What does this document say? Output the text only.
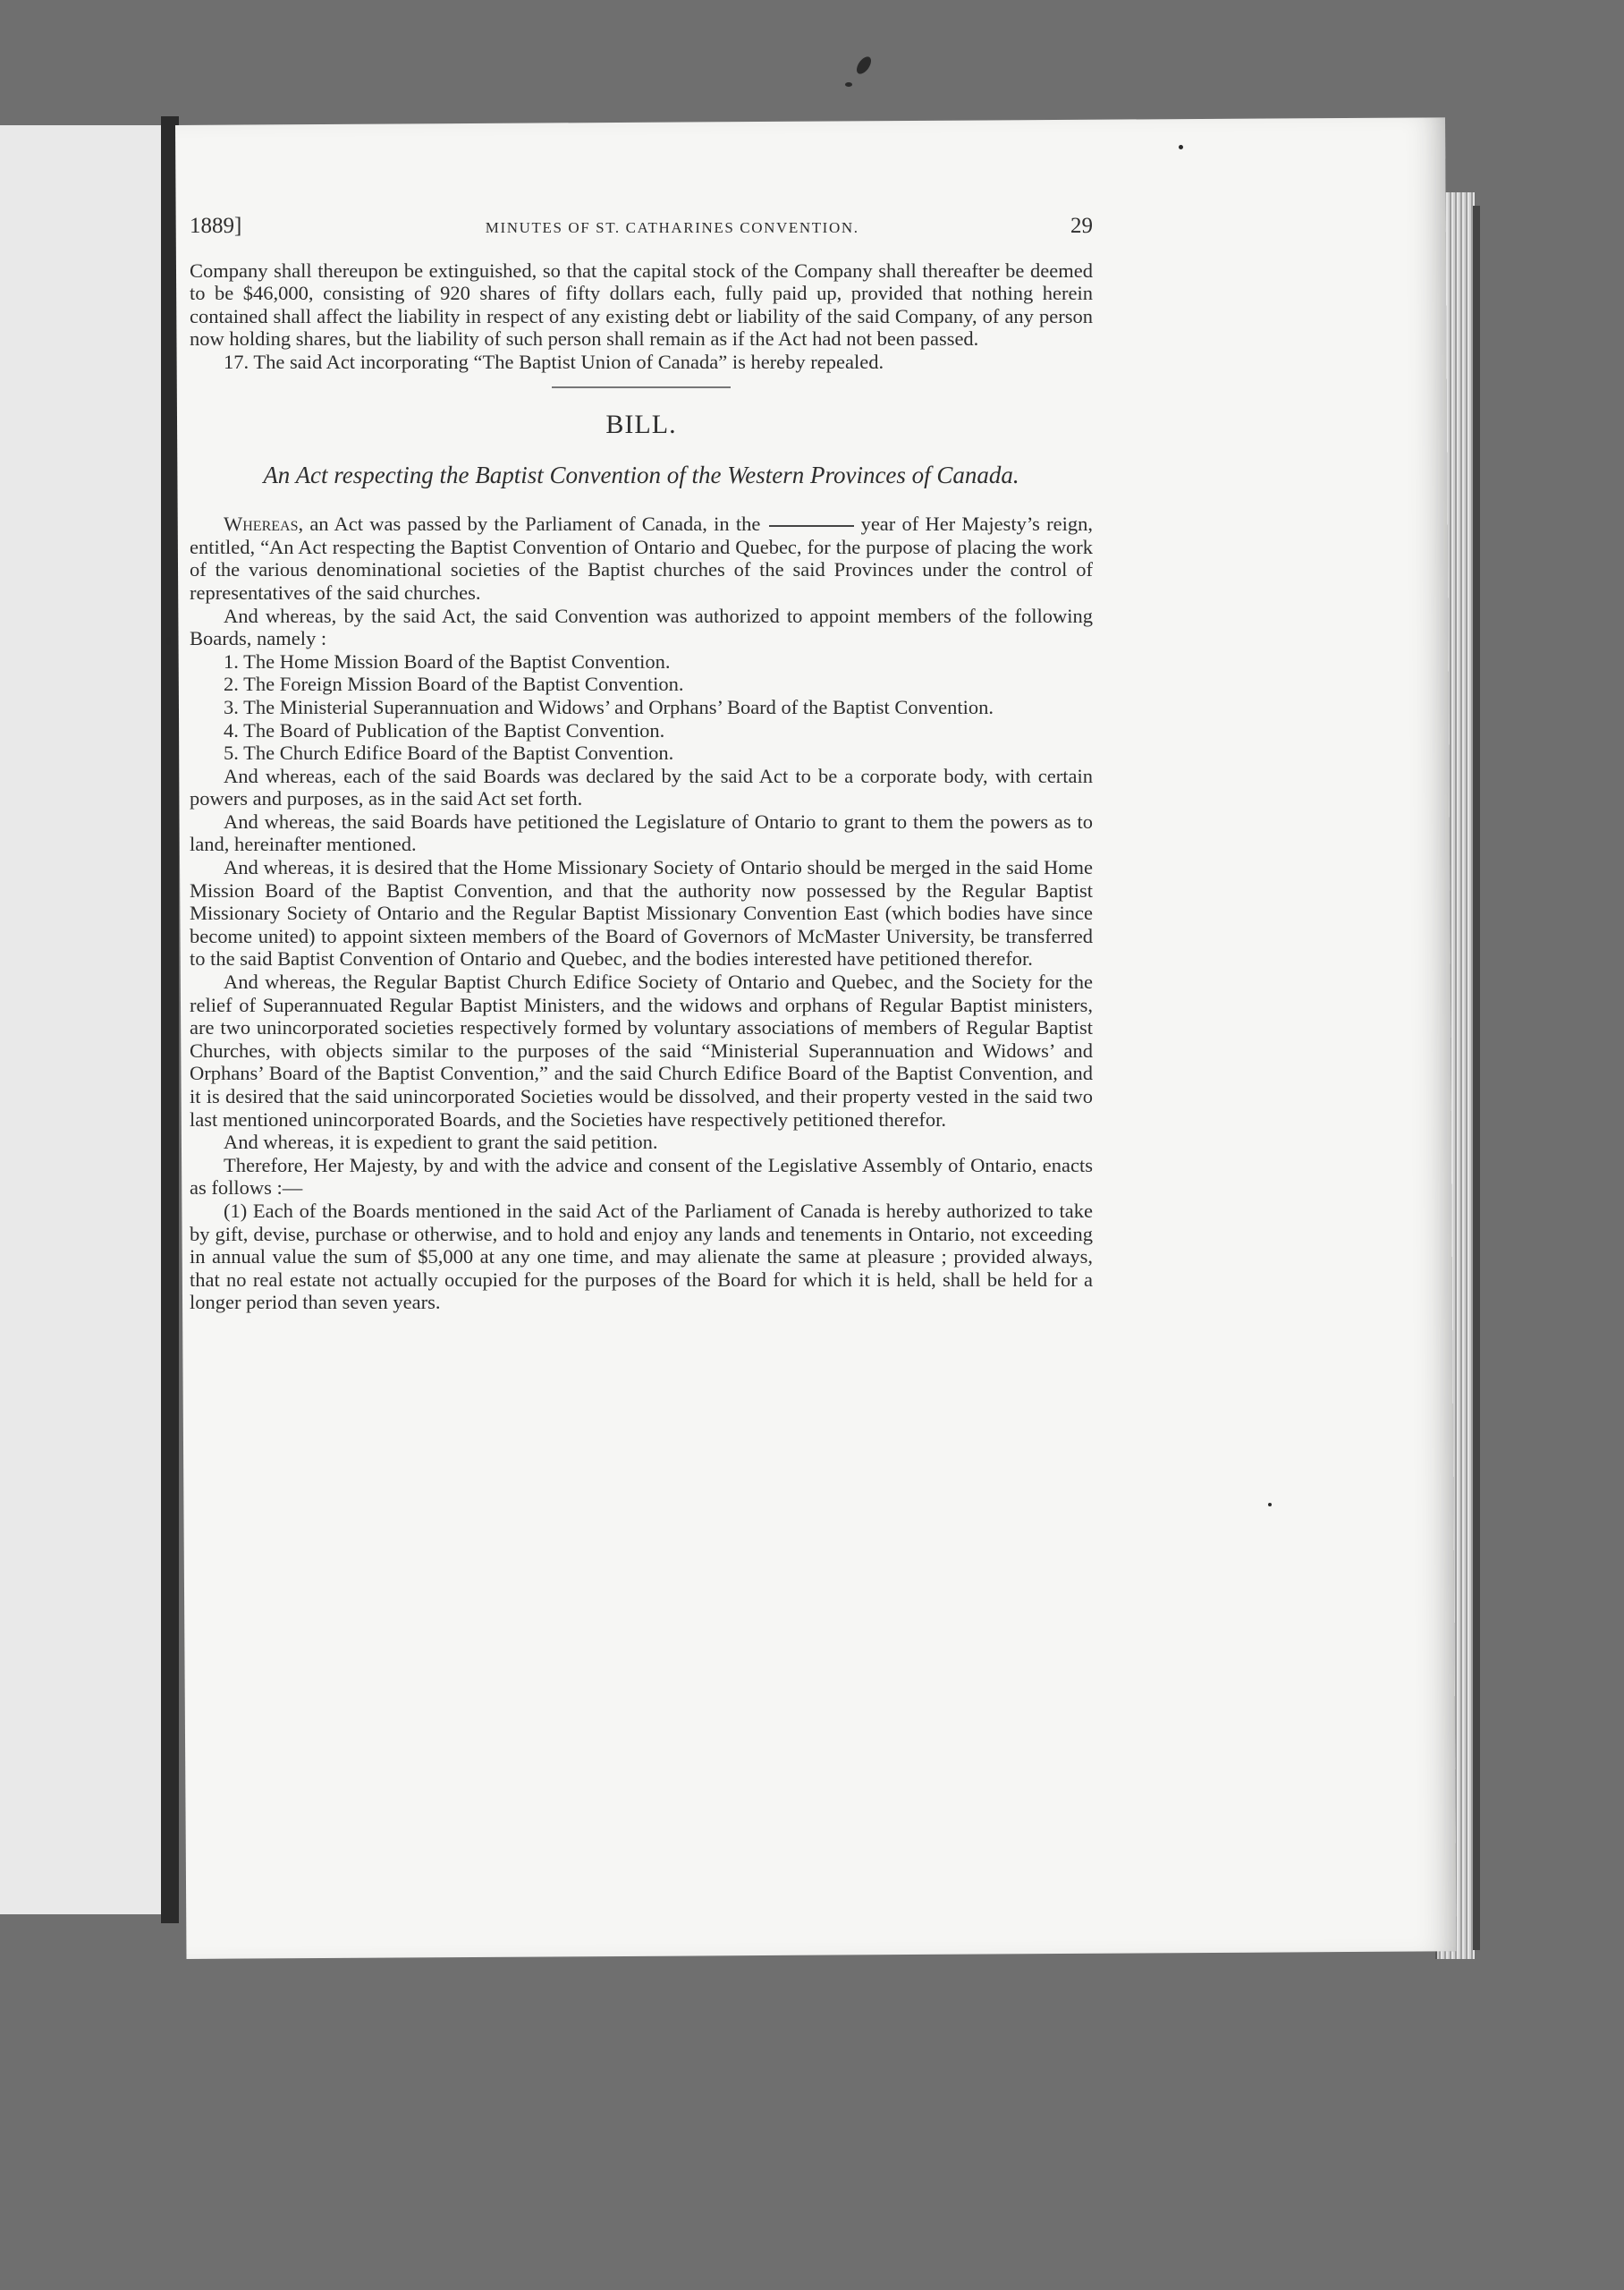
1889]	MINUTES OF ST. CATHARINES CONVENTION.	29

Company shall thereupon be extinguished, so that the capital stock of the Company shall thereafter be deemed to be $46,000, consisting of 920 shares of fifty dollars each, fully paid up, provided that nothing herein contained shall affect the liability in respect of any existing debt or liability of the said Company, of any person now holding shares, but the liability of such person shall remain as if the Act had not been passed.

17. The said Act incorporating “The Baptist Union of Canada” is hereby repealed.

BILL.
An Act respecting the Baptist Convention of the Western Provinces of Canada.

Whereas, an Act was passed by the Parliament of Canada, in the	year of Her Majesty’s reign, entitled, “An Act respecting the Baptist Convention of Ontario and Quebec, for the purpose of placing the work of the various denominational societies of the Baptist churches of the said Provinces under the control of representatives of the said churches.

And whereas, by the said Act, the said Convention was authorized to appoint members of the following Boards, namely :

1. The Home Mission Board of the Baptist Convention.

2. The Foreign Mission Board of the Baptist Convention.

3. The Ministerial Superannuation and Widows’ and Orphans’ Board of the Baptist Convention.

4. The Board of Publication of the Baptist Convention.

5. The Church Edifice Board of the Baptist Convention.

And whereas, each of the said Boards was declared by the said Act to be a corporate body, with certain powers and purposes, as in the said Act set forth.

And whereas, the said Boards have petitioned the Legislature of Ontario to grant to them the powers as to land, hereinafter mentioned.

And whereas, it is desired that the Home Missionary Society of Ontario should be merged in the said Home Mission Board of the Baptist Convention, and that the authority now possessed by the Regular Baptist Missionary Society of Ontario and the Regular Baptist Missionary Convention East (which bodies have since become united) to appoint sixteen members of the Board of Governors of McMaster University, be transferred to the said Baptist Convention of Ontario and Quebec, and the bodies interested have petitioned therefor.

And whereas, the Regular Baptist Church Edifice Society of Ontario and Quebec, and the Society for the relief of Superannuated Regular Baptist Ministers, and the widows and orphans of Regular Baptist ministers, are two unincorporated societies respectively formed by voluntary associations of members of Regular Baptist Churches, with objects similar to the purposes of the said “Ministerial Superannuation and Widows’ and Orphans’ Board of the Baptist Convention,” and the said Church Edifice Board of the Baptist Convention, and it is desired that the said unincorporated Societies would be dissolved, and their property vested in the said two last mentioned unincorporated Boards, and the Societies have respectively petitioned therefor.

And whereas, it is expedient to grant the said petition.

Therefore, Her Majesty, by and with the advice and consent of the Legislative Assembly of Ontario, enacts as follows :—

(1) Each of the Boards mentioned in the said Act of the Parliament of Canada is hereby authorized to take by gift, devise, purchase or otherwise, and to hold and enjoy any lands and tenements in Ontario, not exceeding in annual value the sum of $5,000 at any one time, and may alienate the same at pleasure ; provided always, that no real estate not actually occupied for the purposes of the Board for which it is held, shall be held for a longer period than seven years.
